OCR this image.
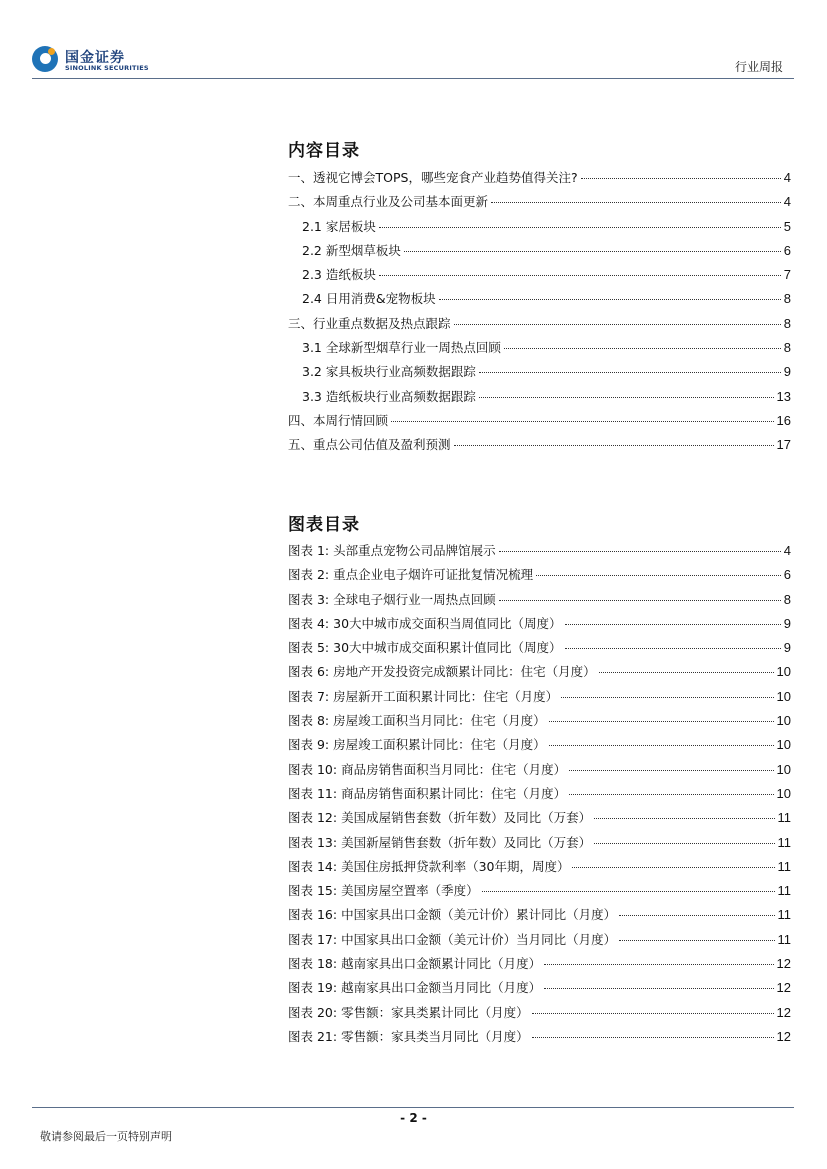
国金证券
SINOLINK SECURITIES	行业周报
内容目录
一、透视它博会TOPS，哪些宠食产业趋势值得关注?	4
二、本周重点行业及公司基本面更新	4
2.1 家居板块	5
2.2 新型烟草板块	6
2.3 造纸板块	7
2.4 日用消费&宠物板块	8
三、行业重点数据及热点跟踪	8
3.1 全球新型烟草行业一周热点回顾	8
3.2 家具板块行业高频数据跟踪	9
3.3 造纸板块行业高频数据跟踪	13
四、本周行情回顾	16
五、重点公司估值及盈利预测	17
图表目录
图表 1: 头部重点宠物公司品牌馆展示	4
图表 2: 重点企业电子烟许可证批复情况梳理	6
图表 3: 全球电子烟行业一周热点回顾	8
图表 4: 30大中城市成交面积当周值同比（周度）	9
图表 5: 30大中城市成交面积累计值同比（周度）	9
图表 6: 房地产开发投资完成额累计同比：住宅（月度）	10
图表 7: 房屋新开工面积累计同比：住宅（月度）	10
图表 8: 房屋竣工面积当月同比：住宅（月度）	10
图表 9: 房屋竣工面积累计同比：住宅（月度）	10
图表 10: 商品房销售面积当月同比：住宅（月度）	10
图表 11: 商品房销售面积累计同比：住宅（月度）	10
图表 12: 美国成屋销售套数（折年数）及同比（万套）	11
图表 13: 美国新屋销售套数（折年数）及同比（万套）	11
图表 14: 美国住房抵押贷款利率（30年期，周度）	11
图表 15: 美国房屋空置率（季度）	11
图表 16: 中国家具出口金额（美元计价）累计同比（月度）	11
图表 17: 中国家具出口金额（美元计价）当月同比（月度）	11
图表 18: 越南家具出口金额累计同比（月度）	12
图表 19: 越南家具出口金额当月同比（月度）	12
图表 20: 零售额：家具类累计同比（月度）	12
图表 21: 零售额：家具类当月同比（月度）	12
- 2 -
敬请参阅最后一页特别声明
